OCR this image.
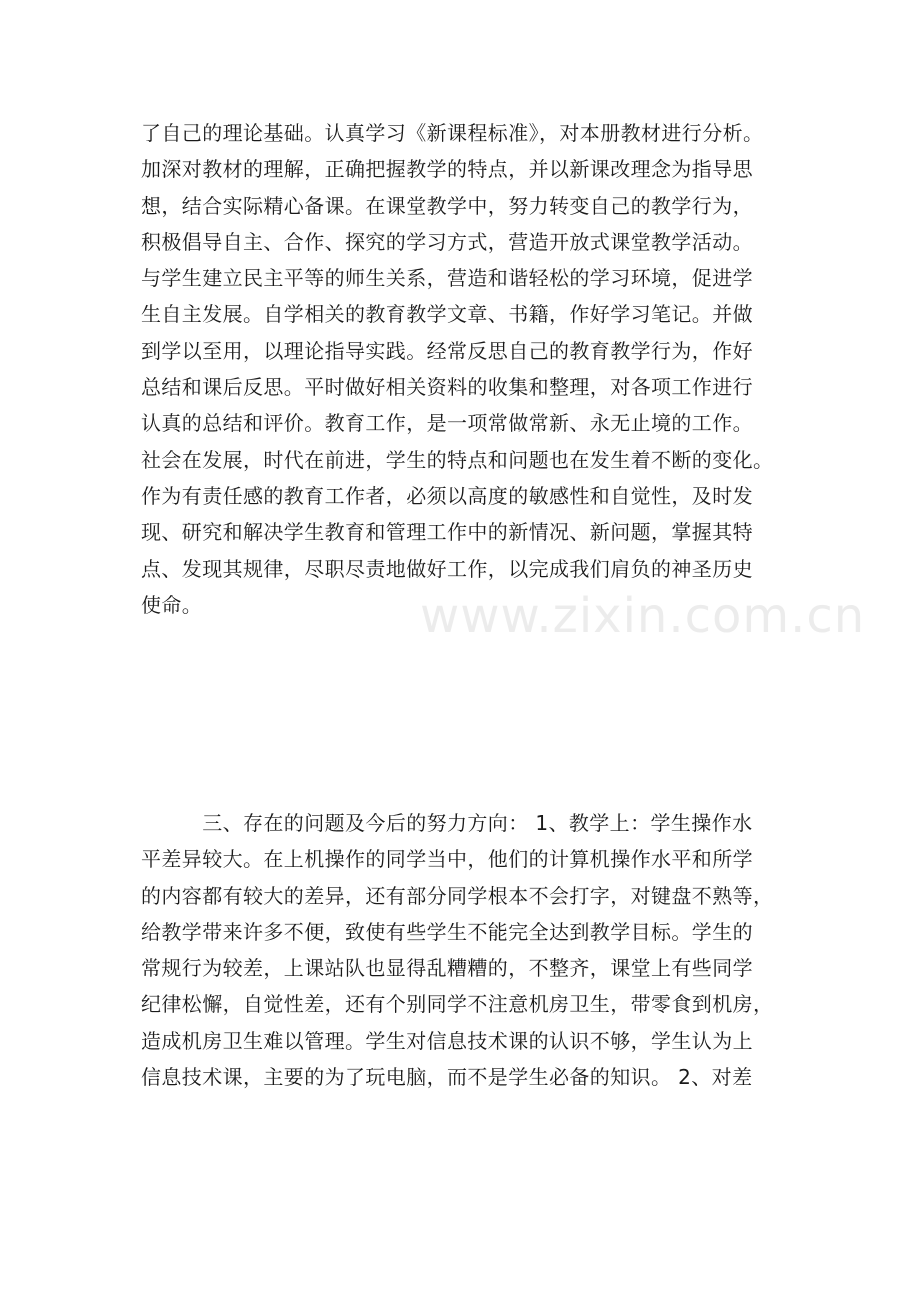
www.zixin.com.cn

了自己的理论基础。认真学习《新课程标准》，对本册教材进行分析。
加深对教材的理解，正确把握教学的特点，并以新课改理念为指导思
想，结合实际精心备课。在课堂教学中，努力转变自己的教学行为，
积极倡导自主、合作、探究的学习方式，营造开放式课堂教学活动。
与学生建立民主平等的师生关系，营造和谐轻松的学习环境，促进学
生自主发展。自学相关的教育教学文章、书籍，作好学习笔记。并做
到学以至用，以理论指导实践。经常反思自己的教育教学行为，作好
总结和课后反思。平时做好相关资料的收集和整理，对各项工作进行
认真的总结和评价。教育工作，是一项常做常新、永无止境的工作。
社会在发展，时代在前进，学生的特点和问题也在发生着不断的变化。
作为有责任感的教育工作者，必须以高度的敏感性和自觉性，及时发
现、研究和解决学生教育和管理工作中的新情况、新问题，掌握其特
点、发现其规律，尽职尽责地做好工作，以完成我们肩负的神圣历史
使命。

　　　三、存在的问题及今后的努力方向： 1、教学上：学生操作水
平差异较大。在上机操作的同学当中，他们的计算机操作水平和所学
的内容都有较大的差异，还有部分同学根本不会打字，对键盘不熟等，
给教学带来许多不便，致使有些学生不能完全达到教学目标。学生的
常规行为较差，上课站队也显得乱糟糟的，不整齐，课堂上有些同学
纪律松懈，自觉性差，还有个别同学不注意机房卫生，带零食到机房，
造成机房卫生难以管理。学生对信息技术课的认识不够，学生认为上
信息技术课，主要的为了玩电脑，而不是学生必备的知识。 2、对差
